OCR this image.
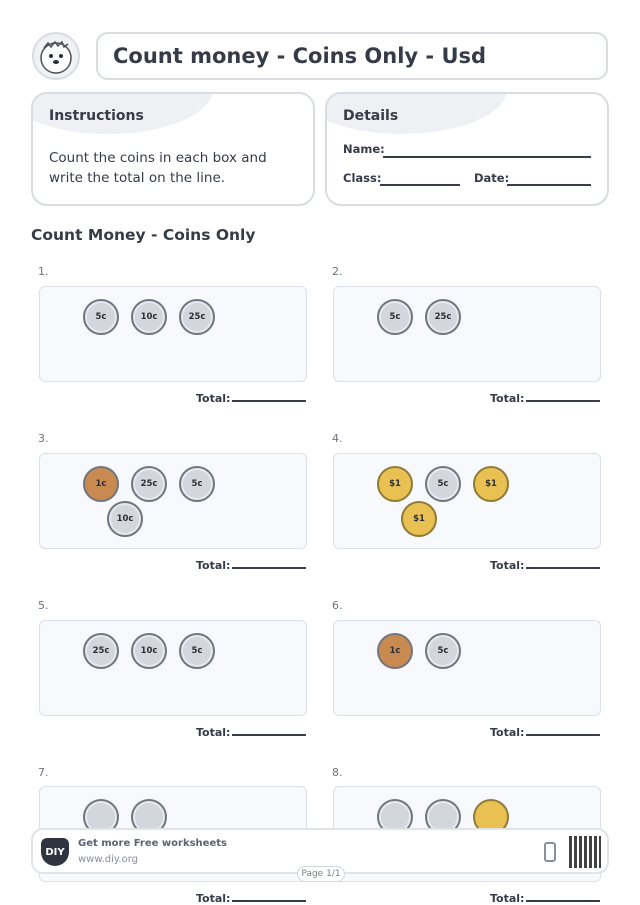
Count money - Coins Only - Usd
Instructions
Count the coins in each box and write the total on the line.
Details
Name:
Class:	Date:
Count Money - Coins Only
1.
5c	10c	25c
Total:
2.
5c	25c
Total:
3.
1c	25c	5c
10c
Total:
4.
$1	5c	$1
$1
Total:
5.
25c	10c	5c
Total:
6.
1c	5c
Total:
7.	8.
Total:	Total:
DIY
Get more Free worksheets
www.diy.org
Page 1/1
